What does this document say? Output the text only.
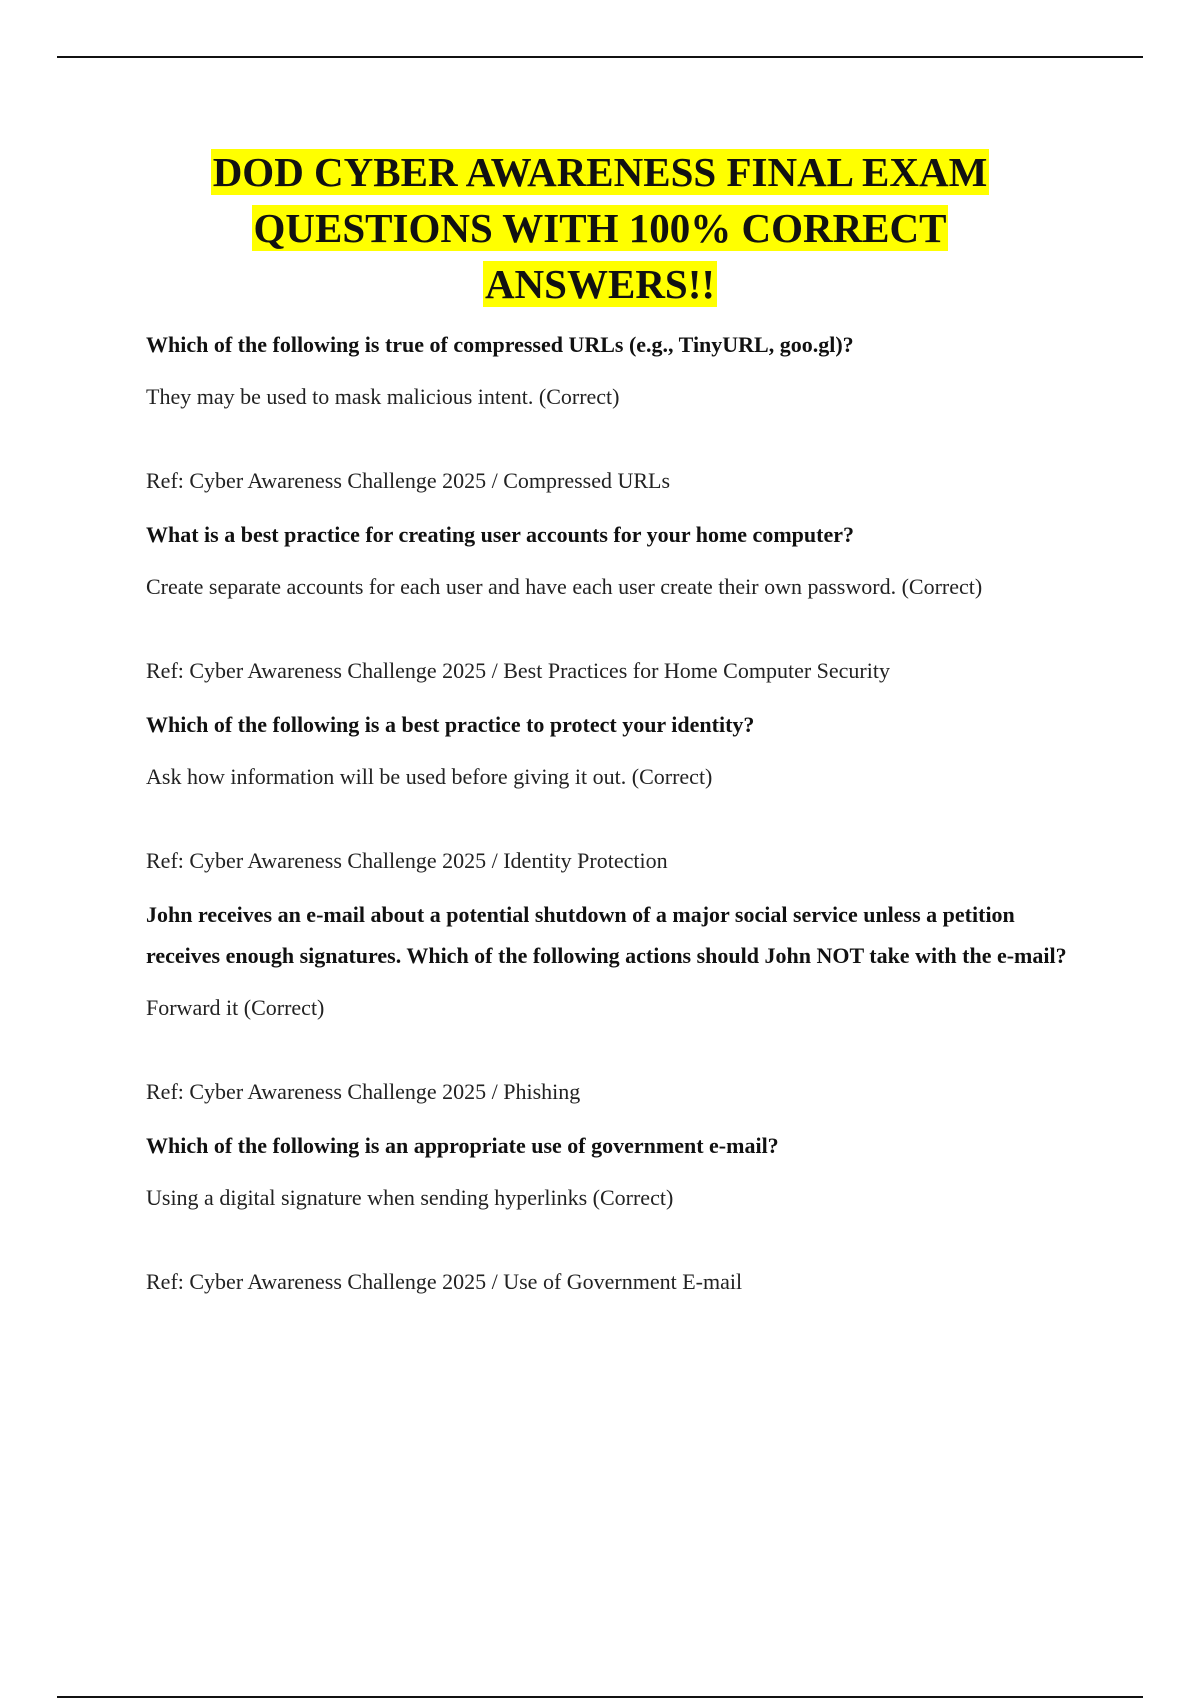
DOD CYBER AWARENESS FINAL EXAM
QUESTIONS WITH 100% CORRECT
ANSWERS!!

Which of the following is true of compressed URLs (e.g., TinyURL, goo.gl)?

They may be used to mask malicious intent. (Correct)

Ref: Cyber Awareness Challenge 2025 / Compressed URLs

What is a best practice for creating user accounts for your home computer?

Create separate accounts for each user and have each user create their own password. (Correct)

Ref: Cyber Awareness Challenge 2025 / Best Practices for Home Computer Security

Which of the following is a best practice to protect your identity?

Ask how information will be used before giving it out. (Correct)

Ref: Cyber Awareness Challenge 2025 / Identity Protection

John receives an e-mail about a potential shutdown of a major social service unless a petition receives enough signatures. Which of the following actions should John NOT take with the e-mail?

Forward it (Correct)

Ref: Cyber Awareness Challenge 2025 / Phishing

Which of the following is an appropriate use of government e-mail?

Using a digital signature when sending hyperlinks (Correct)

Ref: Cyber Awareness Challenge 2025 / Use of Government E-mail
